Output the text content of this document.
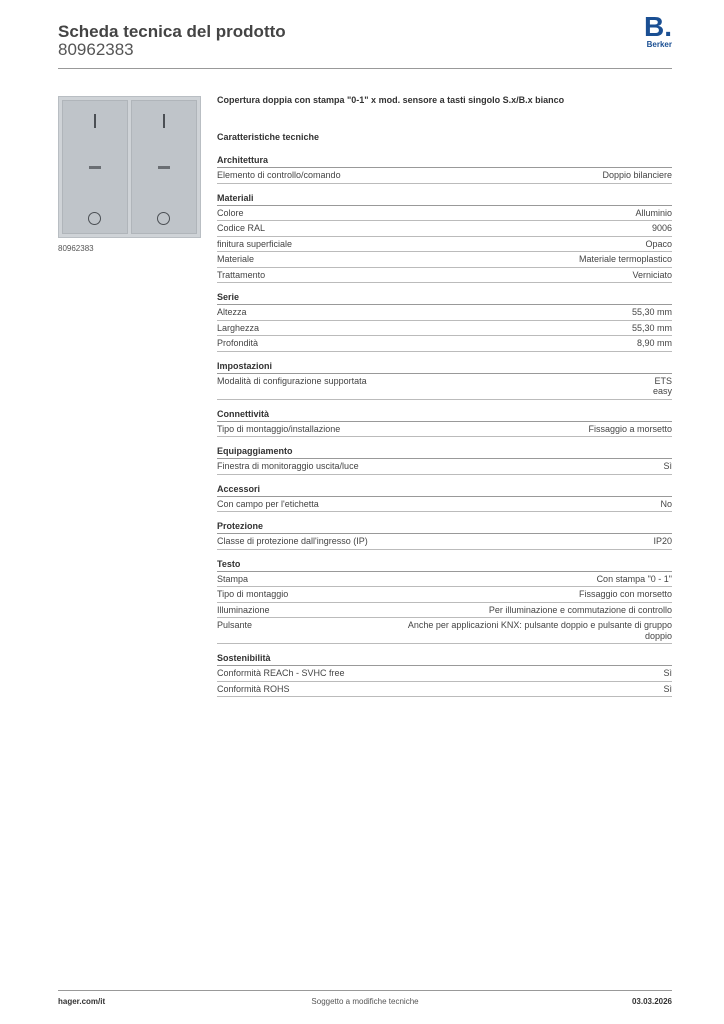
Scheda tecnica del prodotto
80962383
B.
Berker
80962383
Copertura doppia con stampa "0-1" x mod. sensore a tasti singolo S.x/B.x bianco
Caratteristiche tecniche
Architettura
Elemento di controllo/comando	Doppio bilanciere
Materiali
Colore	Alluminio
Codice RAL	9006
finitura superficiale	Opaco
Materiale	Materiale termoplastico
Trattamento	Verniciato
Serie
Altezza	55,30 mm
Larghezza	55,30 mm
Profondità	8,90 mm
Impostazioni
Modalità di configurazione supportata	ETS
easy
Connettività
Tipo di montaggio/installazione	Fissaggio a morsetto
Equipaggiamento
Finestra di monitoraggio uscita/luce	Sì
Accessori
Con campo per l'etichetta	No
Protezione
Classe di protezione dall'ingresso (IP)	IP20
Testo
Stampa	Con stampa "0 - 1"
Tipo di montaggio	Fissaggio con morsetto
Illuminazione	Per illuminazione e commutazione di controllo
Pulsante	Anche per applicazioni KNX: pulsante doppio e pulsante di gruppo doppio
Sostenibilità
Conformità REACh - SVHC free	Sì
Conformità ROHS	Sì
Soggetto a modifiche tecniche
hager.com/it	03.03.2026
